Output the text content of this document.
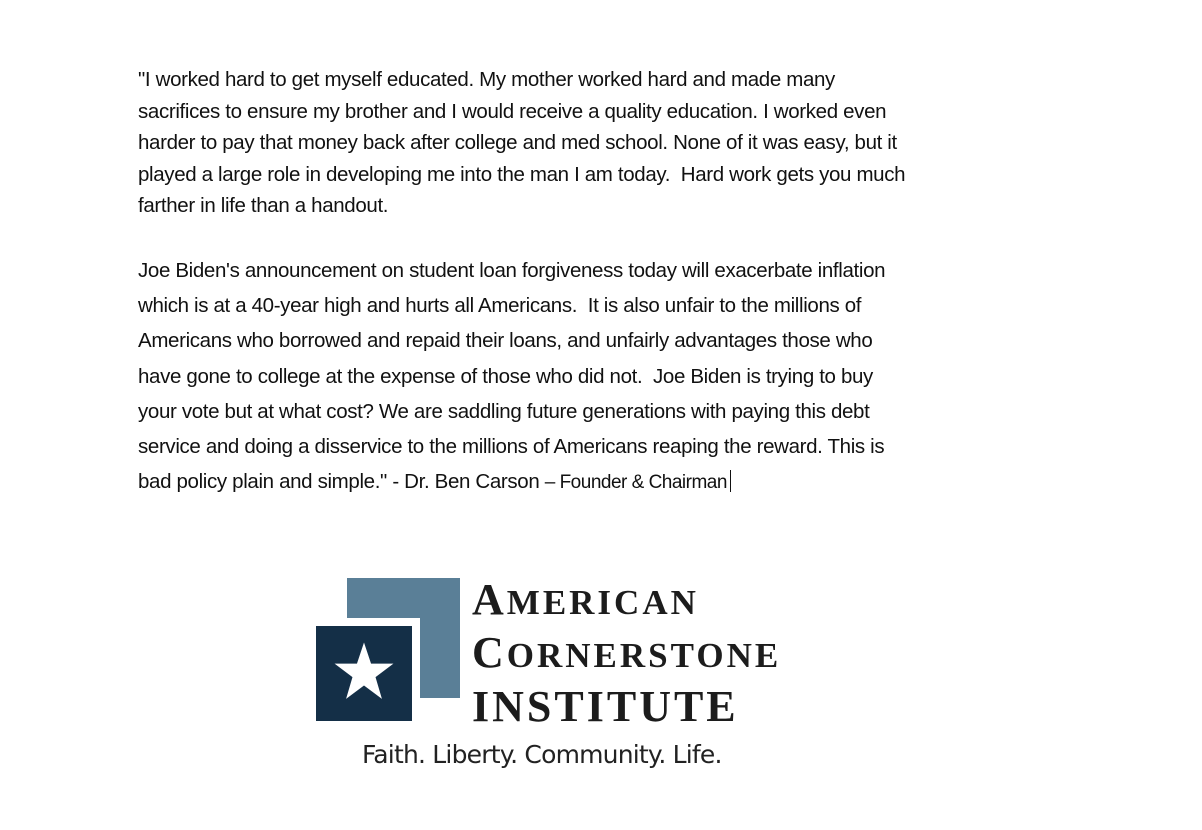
"I worked hard to get myself educated. My mother worked hard and made many
sacrifices to ensure my brother and I would receive a quality education. I worked even
harder to pay that money back after college and med school. None of it was easy, but it
played a large role in developing me into the man I am today.  Hard work gets you much
farther in life than a handout.
Joe Biden's announcement on student loan forgiveness today will exacerbate inflation
which is at a 40-year high and hurts all Americans.  It is also unfair to the millions of
Americans who borrowed and repaid their loans, and unfairly advantages those who
have gone to college at the expense of those who did not.  Joe Biden is trying to buy
your vote but at what cost? We are saddling future generations with paying this debt
service and doing a disservice to the millions of Americans reaping the reward. This is
bad policy plain and simple." - Dr. Ben Carson – Founder & Chairman
AMERICAN
CORNERSTONE
INSTITUTE
Faith. Liberty. Community. Life.
